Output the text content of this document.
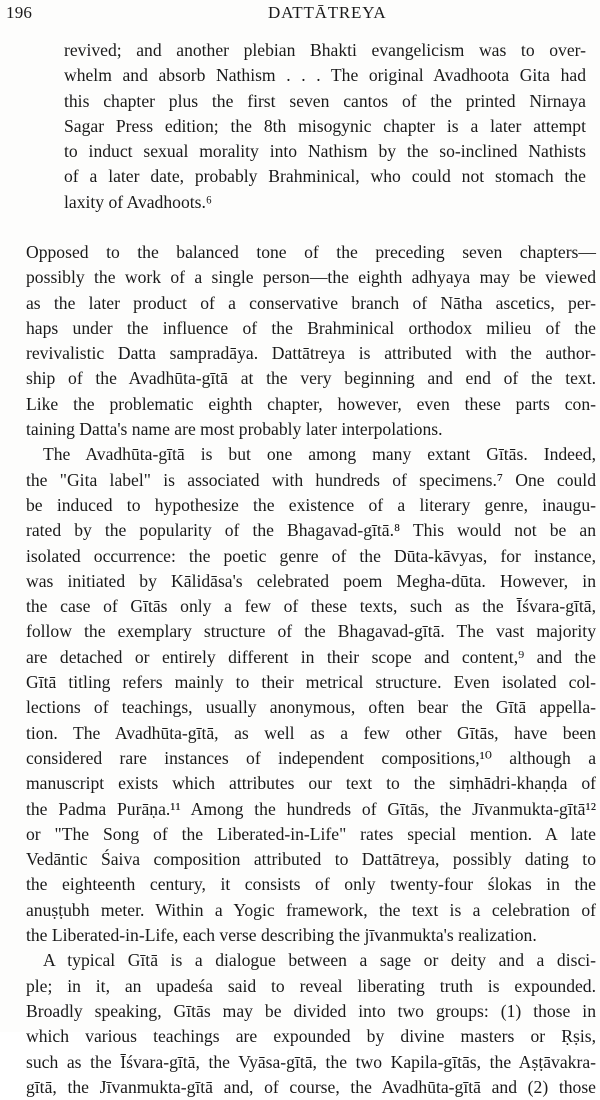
196	DATTĀTREYA
revived; and another plebian Bhakti evangelicism was to over-
whelm and absorb Nathism . . . The original Avadhoota Gita had
this chapter plus the first seven cantos of the printed Nirnaya
Sagar Press edition; the 8th misogynic chapter is a later attempt
to induct sexual morality into Nathism by the so-inclined Nathists
of a later date, probably Brahminical, who could not stomach the
laxity of Avadhoots.⁶
Opposed to the balanced tone of the preceding seven chapters—
possibly the work of a single person—the eighth adhyaya may be viewed
as the later product of a conservative branch of Nātha ascetics, per-
haps under the influence of the Brahminical orthodox milieu of the
revivalistic Datta sampradāya. Dattātreya is attributed with the author-
ship of the Avadhūta-gītā at the very beginning and end of the text.
Like the problematic eighth chapter, however, even these parts con-
taining Datta's name are most probably later interpolations.
The Avadhūta-gītā is but one among many extant Gītās. Indeed,
the "Gita label" is associated with hundreds of specimens.⁷ One could
be induced to hypothesize the existence of a literary genre, inaugu-
rated by the popularity of the Bhagavad-gītā.⁸ This would not be an
isolated occurrence: the poetic genre of the Dūta-kāvyas, for instance,
was initiated by Kālidāsa's celebrated poem Megha-dūta. However, in
the case of Gītās only a few of these texts, such as the Īśvara-gītā,
follow the exemplary structure of the Bhagavad-gītā. The vast majority
are detached or entirely different in their scope and content,⁹ and the
Gītā titling refers mainly to their metrical structure. Even isolated col-
lections of teachings, usually anonymous, often bear the Gītā appella-
tion. The Avadhūta-gītā, as well as a few other Gītās, have been
considered rare instances of independent compositions,¹⁰ although a
manuscript exists which attributes our text to the siṃhādri-khaṇḍa of
the Padma Purāṇa.¹¹ Among the hundreds of Gītās, the Jīvanmukta-gītā¹²
or "The Song of the Liberated-in-Life" rates special mention. A late
Vedāntic Śaiva composition attributed to Dattātreya, possibly dating to
the eighteenth century, it consists of only twenty-four ślokas in the
anuṣṭubh meter. Within a Yogic framework, the text is a celebration of
the Liberated-in-Life, each verse describing the jīvanmukta's realization.
A typical Gītā is a dialogue between a sage or deity and a disci-
ple; in it, an upadeśa said to reveal liberating truth is expounded.
Broadly speaking, Gītās may be divided into two groups: (1) those in
which various teachings are expounded by divine masters or Ṛṣis,
such as the Īśvara-gītā, the Vyāsa-gītā, the two Kapila-gītās, the Aṣṭāvakra-
gītā, the Jīvanmukta-gītā and, of course, the Avadhūta-gītā and (2) those
